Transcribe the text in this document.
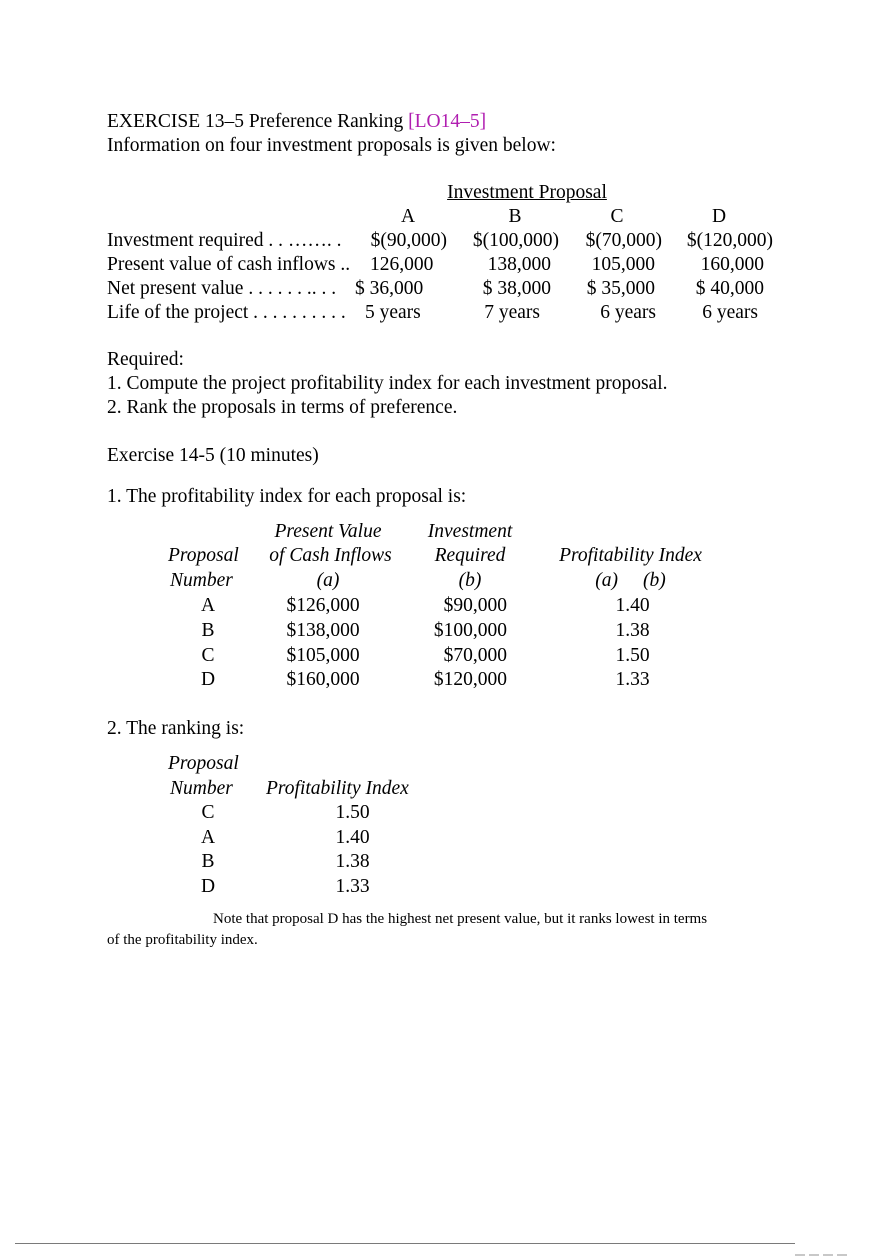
EXERCISE 13–5 Preference Ranking [LO14–5]
Information on four investment proposals is given below:
Investment Proposal
A	B	C	D
Investment required . . ……. .	$(90,000)	$(100,000)	$(70,000)	$(120,000)
Present value of cash inflows .. 126,000	138,000	105,000	160,000
Net present value . . . . . . .. . . $ 36,000	$ 38,000	$ 35,000	$ 40,000
Life of the project . . . . . . . . . . 5 years	7 years	6 years	6 years
Required:
1. Compute the project profitability index for each investment proposal.
2. Rank the proposals in terms of preference.
Exercise 14-5 (10 minutes)
1. The profitability index for each proposal is:
Present Value	Investment
Proposal	of Cash Inflows	Required	Profitability Index
Number	(a)	(b)	(a) (b)
A	$126,000	$90,000	1.40
B	$138,000	$100,000	1.38
C	$105,000	$70,000	1.50
D	$160,000	$120,000	1.33
2. The ranking is:
Proposal
Number Profitability Index
C	1.50
A	1.40
B	1.38
D	1.33
Note that proposal D has the highest net present value, but it ranks lowest in terms
of the profitability index.
